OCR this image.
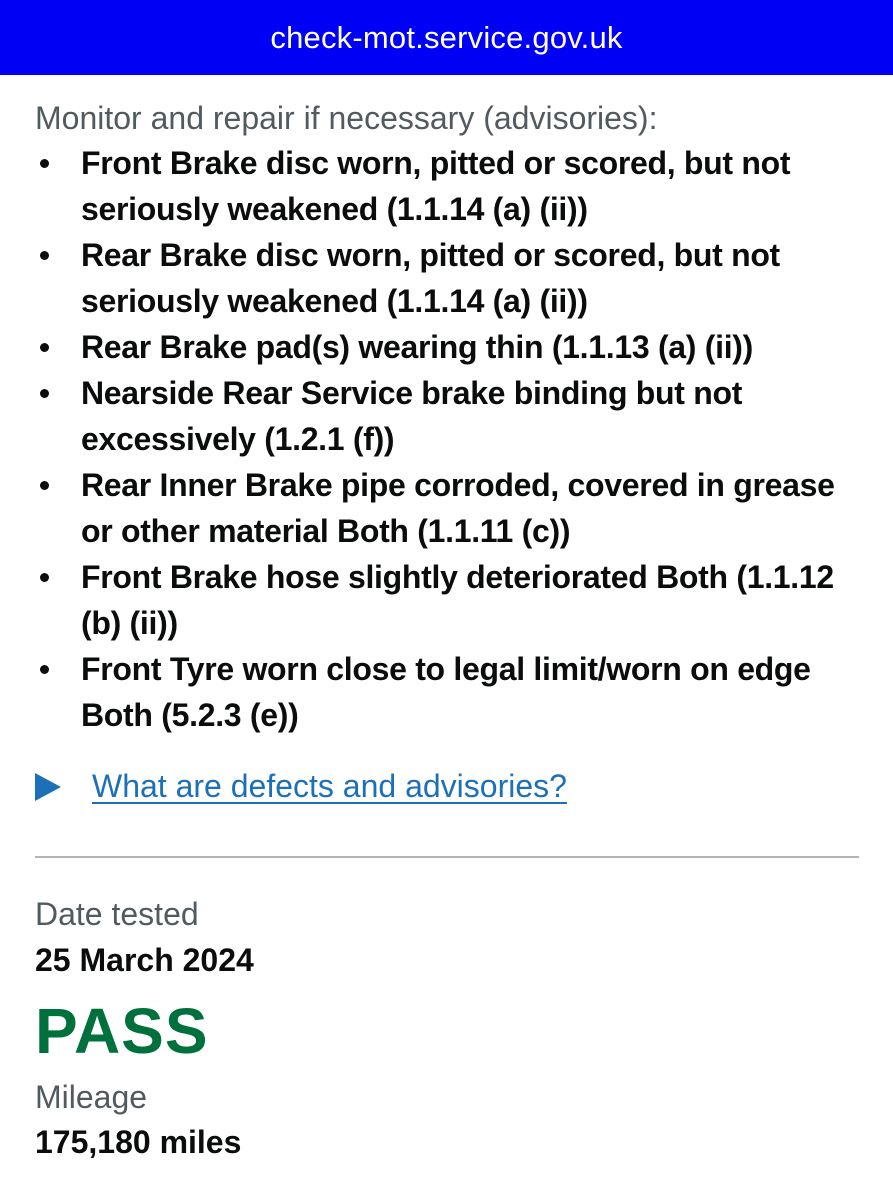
check-mot.service.gov.uk

Monitor and repair if necessary (advisories):

Front Brake disc worn, pitted or scored, but not seriously weakened (1.1.14 (a) (ii))
Rear Brake disc worn, pitted or scored, but not seriously weakened (1.1.14 (a) (ii))
Rear Brake pad(s) wearing thin (1.1.13 (a) (ii))
Nearside Rear Service brake binding but not excessively (1.2.1 (f))
Rear Inner Brake pipe corroded, covered in grease or other material Both (1.1.11 (c))
Front Brake hose slightly deteriorated Both (1.1.12 (b) (ii))
Front Tyre worn close to legal limit/worn on edge Both (5.2.3 (e))
What are defects and advisories?
Date tested
25 March 2024
PASS
Mileage
175,180 miles
